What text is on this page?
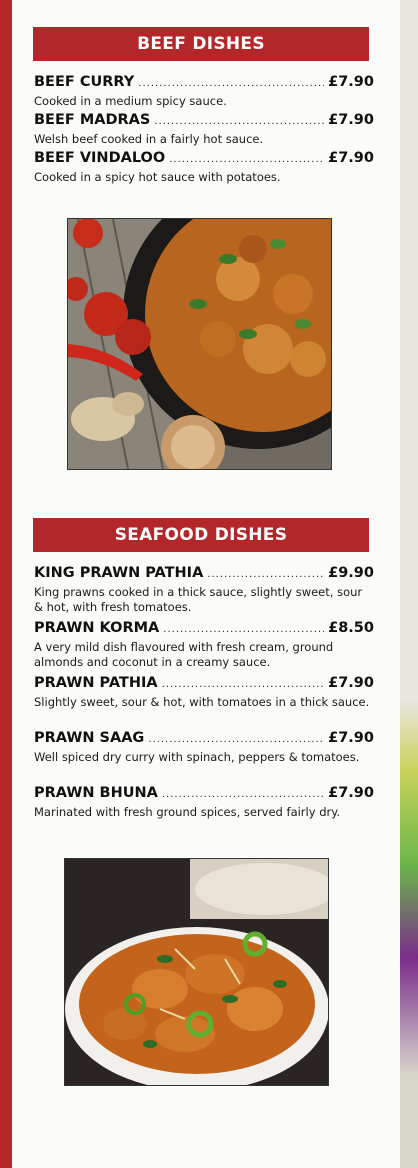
BEEF DISHES
BEEF CURRY .....	£7.90
Cooked in a medium spicy sauce.
BEEF MADRAS .....	£7.90
Welsh beef cooked in a fairly hot sauce.
BEEF VINDALOO .....	£7.90
Cooked in a spicy hot sauce with potatoes.
SEAFOOD DISHES
KING PRAWN PATHIA .....	£9.90
King prawns cooked in a thick sauce, slightly sweet, sour & hot, with fresh tomatoes.
PRAWN KORMA .....	£8.50
A very mild dish flavoured with fresh cream, ground almonds and coconut in a creamy sauce.
PRAWN PATHIA .....	£7.90
Slightly sweet, sour & hot, with tomatoes in a thick sauce.
PRAWN SAAG .....	£7.90
Well spiced dry curry with spinach, peppers & tomatoes.
PRAWN BHUNA .....	£7.90
Marinated with fresh ground spices, served fairly dry.
